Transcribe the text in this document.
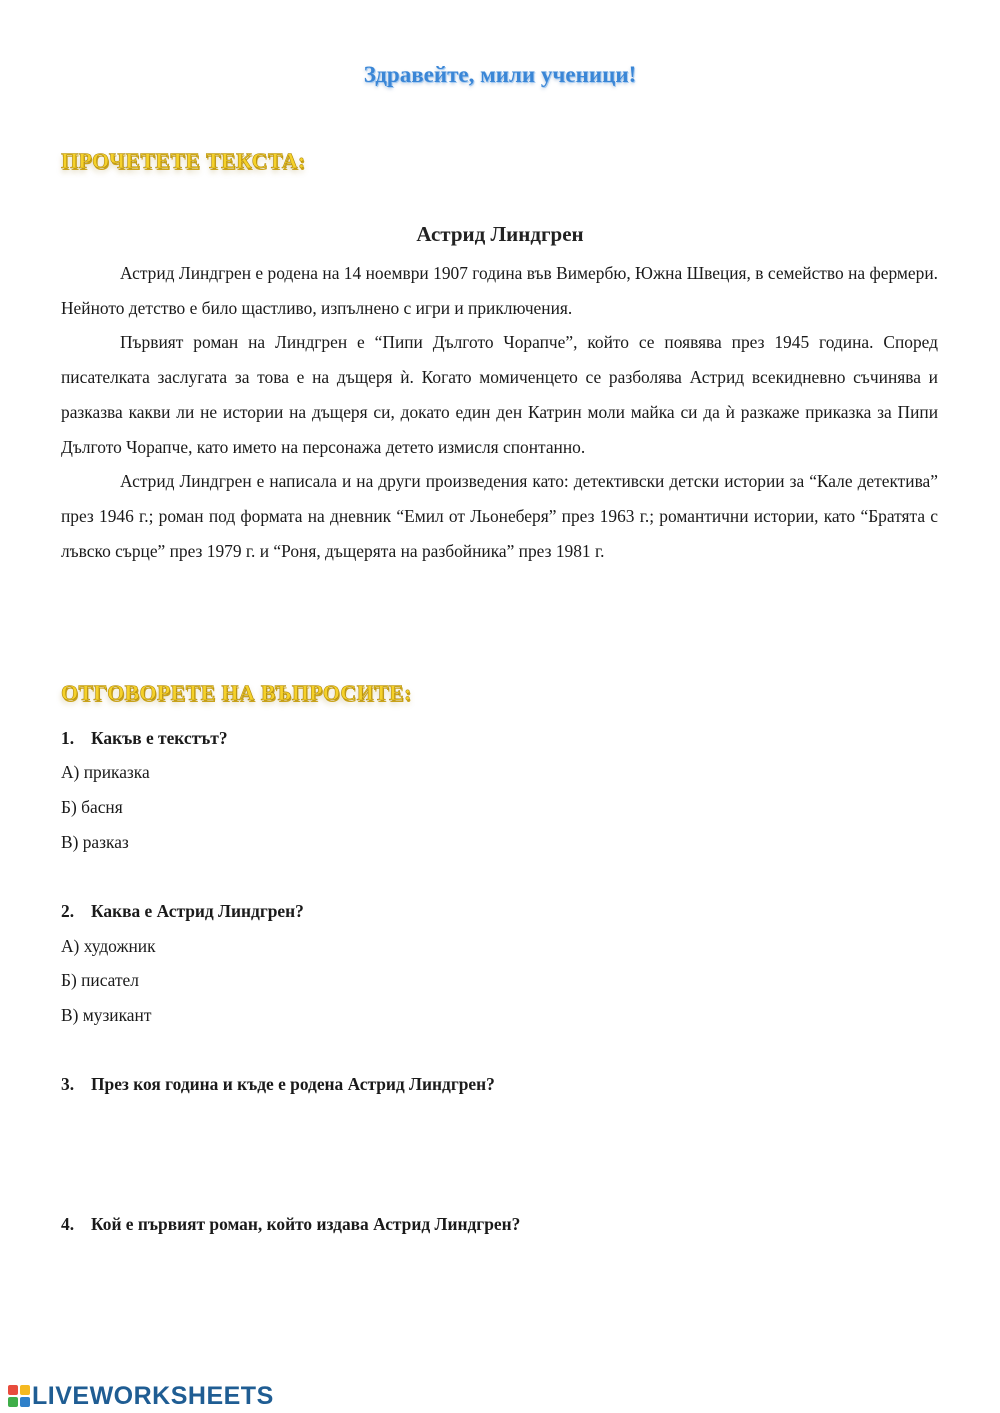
Здравейте, мили ученици!
ПРОЧЕТЕТЕ ТЕКСТА:
Астрид Линдгрен

Астрид Линдгрен е родена на 14 ноември 1907 година във Вимербю, Южна Швеция, в семейство на фермери. Нейното детство е било щастливо, изпълнено с игри и приключения.

Първият роман на Линдгрен е “Пипи Дългото Чорапче”, който се появява през 1945 година. Според писателката заслугата за това е на дъщеря ѝ. Когато момиченцето се разболява Астрид всекидневно съчинява и разказва какви ли не истории на дъщеря си, докато един ден Катрин моли майка си да ѝ разкаже приказка за Пипи Дългото Чорапче, като името на персонажа детето измисля спонтанно.

Астрид Линдгрен е написала и на други произведения като: детективски детски истории за “Кале детектива” през 1946 г.; роман под формата на дневник “Емил от Льонеберя” през 1963 г.; романтични истории, като “Братята с лъвско сърце” през 1979 г. и “Роня, дъщерята на разбойника” през 1981 г.

ОТГОВОРЕТЕ НА ВЪПРОСИТЕ:
1. Какъв е текстът?
А) приказка
Б) басня
В) разказ
2. Каква е Астрид Линдгрен?
А) художник
Б) писател
В) музикант
3. През коя година и къде е родена Астрид Линдгрен?
4. Кой е първият роман, който издава Астрид Линдгрен?
LIVEWORKSHEETS
